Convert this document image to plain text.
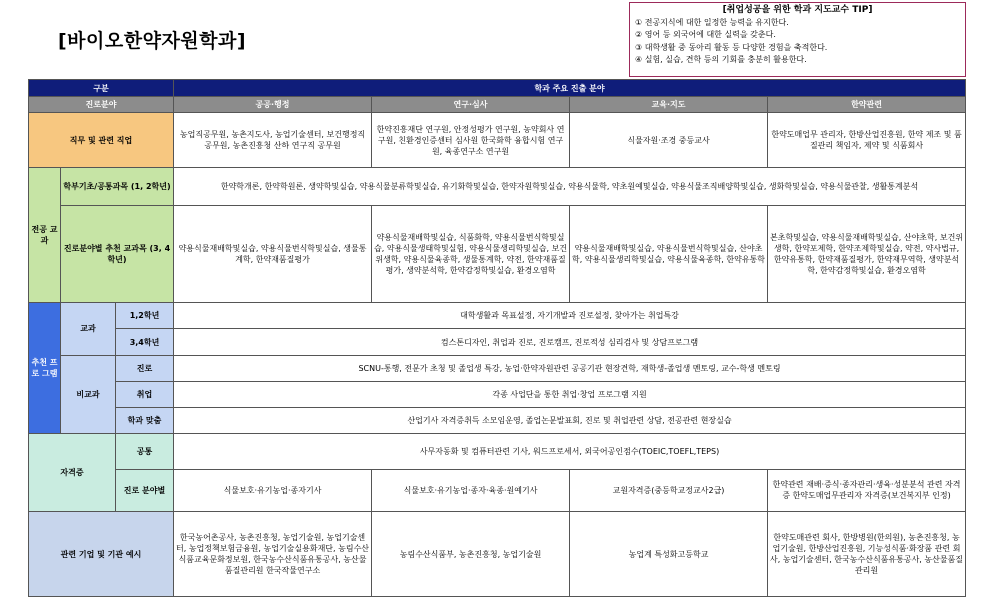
[바이오한약자원학과]
[취업성공을 위한 학과 지도교수 TIP]
① 전공지식에 대한 일정한 능력을 유지한다.
② 영어 등 외국어에 대한 실력을 갖춘다.
③ 대학생활 중 동아리 활동 등 다양한 경험을 축적한다.
④ 실험, 실습, 견학 등의 기회를 충분히 활용한다.
구분			학과 주요 진출 분야			
진로분야			공공·행정	연구·심사	교육·지도	한약관련
직무 및 관련 직업			농업직공무원, 농촌지도사, 농업기술센터, 보건행정직 공무원, 농촌진흥청 산하 연구직 공무원	한약진흥재단 연구원, 안정성평가 연구원, 농약회사 연구원, 친환경인증센터 심사원 한국화학 융합시험 연구원, 육종연구소 연구원	식물자원·조경 중등교사	한약도매업무 관리자, 한방산업진흥원, 한약 제조 및 품질관리 책임자, 제약 및 식품회사
전공 교과	학부기초/공통과목 (1, 2학년)		한약학개론, 한약학원론, 생약학및실습, 약용식물분류학및실습, 유기화학및실습, 한약자원학및실습, 약용식물학, 약초원예및실습, 약용식물조직배양학및실습, 생화학및실습, 약용식물관찰, 생활통계분석			
	진로분야별 추천 교과목 (3, 4학년)		약용식물재배학및실습, 약용식물번식학및실습, 생물통계학, 한약재품질평가	약용식물재배학및실습, 식품화학, 약용식물번식학및실습, 약용식물생태학및실험, 약용식물생리학및실습, 보건위생학, 약용식물육종학, 생물통계학, 약전, 한약재품질평가, 생약분석학, 한약감정학및실습, 환경오염학	약용식물재배학및실습, 약용식물번식학및실습, 산야초학, 약용식물생리학및실습, 약용식물육종학, 한약유통학	본초학및실습, 약용식물재배학및실습, 산야초학, 보건위생학, 한약포제학, 한약조제학및실습, 약전, 약사법규, 한약유통학, 한약재품질평가, 한약재무역학, 생약분석학, 한약감정학및실습, 환경오염학
추천 프로 그램	교과	1,2학년	대학생활과 목표설정, 자기개발과 진로설정, 찾아가는 취업특강			
		3,4학년	컴스톤디자인, 취업과 진로, 진로캠프, 진로적성 심리검사 및 상담프로그램			
	비교과	진로	SCNU-통행, 전문가 초청 및 졸업생 특강, 농업·한약자원관련 공공기관 현장견학, 재학생-졸업생 멘토링, 교수-학생 멘토링			
		취업	각종 사업단을 통한 취업·창업 프로그램 지원			
		학과 맞춤	산업기사 자격증취득 소모임운영, 졸업논문발표회, 진로 및 취업관련 상담, 전공관련 현장실습			
자격증		공통	사무자동화 및 컴퓨터관련 기사, 워드프로세서, 외국어공인점수(TOEIC,TOEFL,TEPS)			
		진로 분야별	식물보호·유기농업·종자기사	식물보호·유기농업·종자·육종·원예기사	교원자격증(중등학교정교사2급)	한약관련 재배·증식·종자관리·생육·성분분석 관련 자격증 한약도매업무관리자 자격증(보건복지부 인정)
관련 기업 및 기관 예시			한국농어촌공사, 농촌진흥청, 농업기술원, 농업기술센터, 농업정책보험금융원, 농업기술실용화재단, 농림수산식품교육문화정보원, 한국농수산식품유통공사, 농산물품질관리원 한국작물연구소	농림수산식품부, 농촌진흥청, 농업기술원	농업계 특성화고등학교	한약도매관련 회사, 한방병원(한의원), 농촌진흥청, 농업기술원, 한방산업진흥원, 기능성식품·화장품 관련 회사, 농업기술센터, 한국농수산식품유통공사, 농산물품질관리원
